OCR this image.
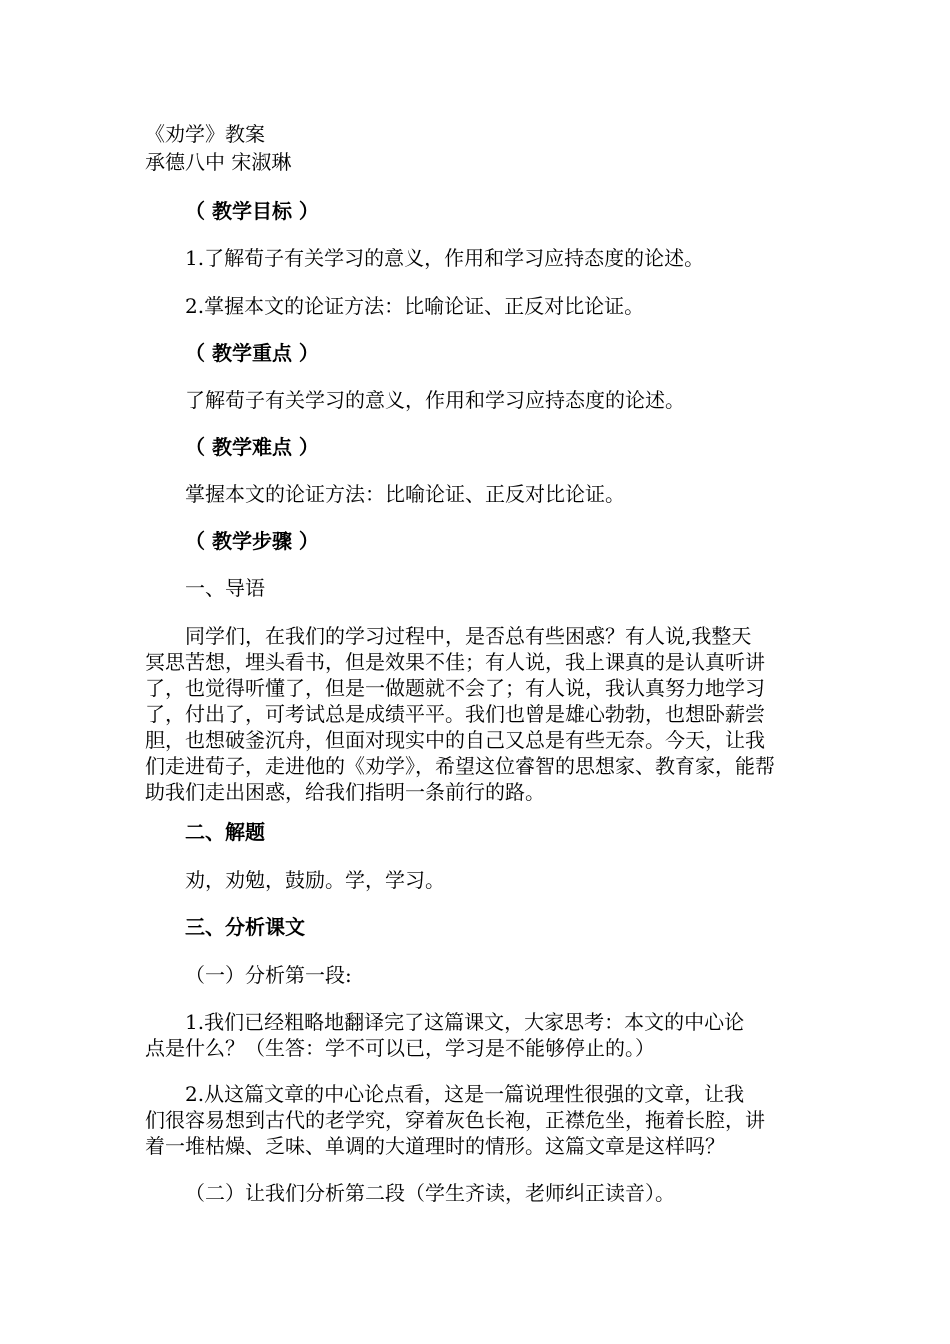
《劝学》教案
承德八中 宋淑琳
（ 教学目标 ）
1.了解荀子有关学习的意义，作用和学习应持态度的论述。
2.掌握本文的论证方法：比喻论证、正反对比论证。
（ 教学重点 ）
了解荀子有关学习的意义，作用和学习应持态度的论述。
（ 教学难点 ）
掌握本文的论证方法：比喻论证、正反对比论证。
（ 教学步骤 ）
一、导语
同学们，在我们的学习过程中，是否总有些困惑？有人说,我整天
冥思苦想，埋头看书，但是效果不佳；有人说，我上课真的是认真听讲
了，也觉得听懂了，但是一做题就不会了；有人说，我认真努力地学习
了，付出了，可考试总是成绩平平。我们也曾是雄心勃勃，也想卧薪尝
胆，也想破釜沉舟，但面对现实中的自己又总是有些无奈。今天，让我
们走进荀子，走进他的《劝学》，希望这位睿智的思想家、教育家，能帮
助我们走出困惑，给我们指明一条前行的路。
二、解题
劝，劝勉，鼓励。学，学习。
三、分析课文
（一）分析第一段:
1.我们已经粗略地翻译完了这篇课文，大家思考：本文的中心论
点是什么？（生答：学不可以已，学习是不能够停止的。）
2.从这篇文章的中心论点看，这是一篇说理性很强的文章，让我
们很容易想到古代的老学究，穿着灰色长袍，正襟危坐，拖着长腔，讲
着一堆枯燥、乏味、单调的大道理时的情形。这篇文章是这样吗？
（二）让我们分析第二段（学生齐读，老师纠正读音）。
